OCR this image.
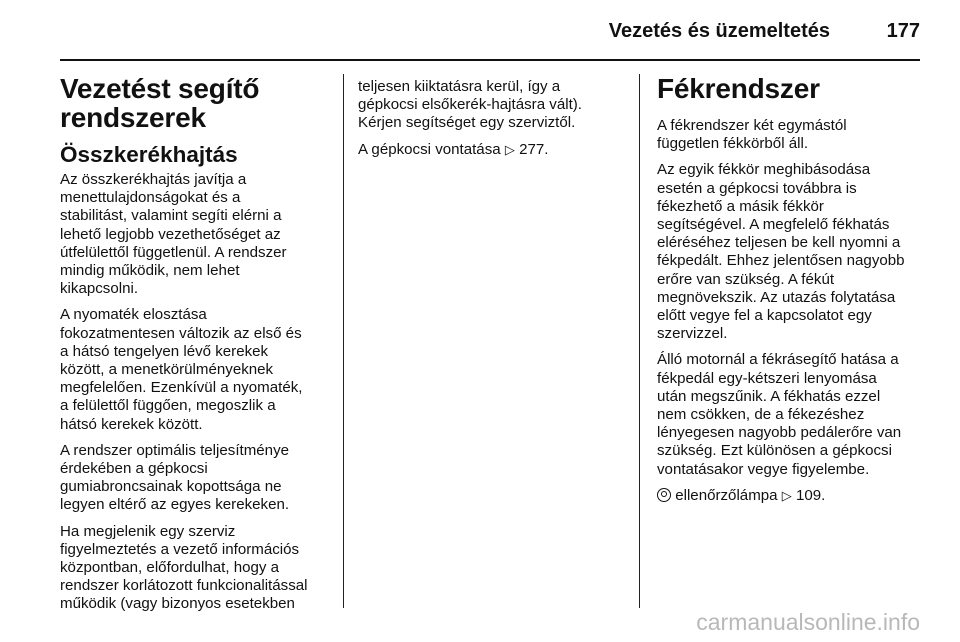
Vezetés és üzemeltetés	177
Vezetést segítő
rendszerek
Összkerékhajtás

Az összkerékhajtás javítja a
menettulajdonságokat és a
stabilitást, valamint segíti elérni a
lehető legjobb vezethetőséget az
útfelülettől függetlenül. A rendszer
mindig működik, nem lehet
kikapcsolni.

A nyomaték elosztása
fokozatmentesen változik az első és
a hátsó tengelyen lévő kerekek
között, a menetkörülményeknek
megfelelően. Ezenkívül a nyomaték,
a felülettől függően, megoszlik a
hátsó kerekek között.

A rendszer optimális teljesítménye
érdekében a gépkocsi
gumiabroncsainak kopottsága ne
legyen eltérő az egyes kerekeken.

Ha megjelenik egy szerviz
figyelmeztetés a vezető információs
központban, előfordulhat, hogy a
rendszer korlátozott funkcionalitással
működik (vagy bizonyos esetekben

teljesen kiiktatásra kerül, így a
gépkocsi elsőkerék-hajtásra vált).
Kérjen segítséget egy szerviztől.

A gépkocsi vontatása ▷ 277.

Fékrendszer

A fékrendszer két egymástól
független fékkörből áll.

Az egyik fékkör meghibásodása
esetén a gépkocsi továbbra is
fékezhető a másik fékkör
segítségével. A megfelelő fékhatás
eléréséhez teljesen be kell nyomni a
fékpedált. Ehhez jelentősen nagyobb
erőre van szükség. A fékút
megnövekszik. Az utazás folytatása
előtt vegye fel a kapcsolatot egy
szervizzel.

Álló motornál a fékrásegítő hatása a
fékpedál egy-kétszeri lenyomása
után megszűnik. A fékhatás ezzel
nem csökken, de a fékezéshez
lényegesen nagyobb pedálerőre van
szükség. Ezt különösen a gépkocsi
vontatásakor vegye figyelembe.

ellenőrzőlámpa ▷ 109.

carmanualsonline.info
